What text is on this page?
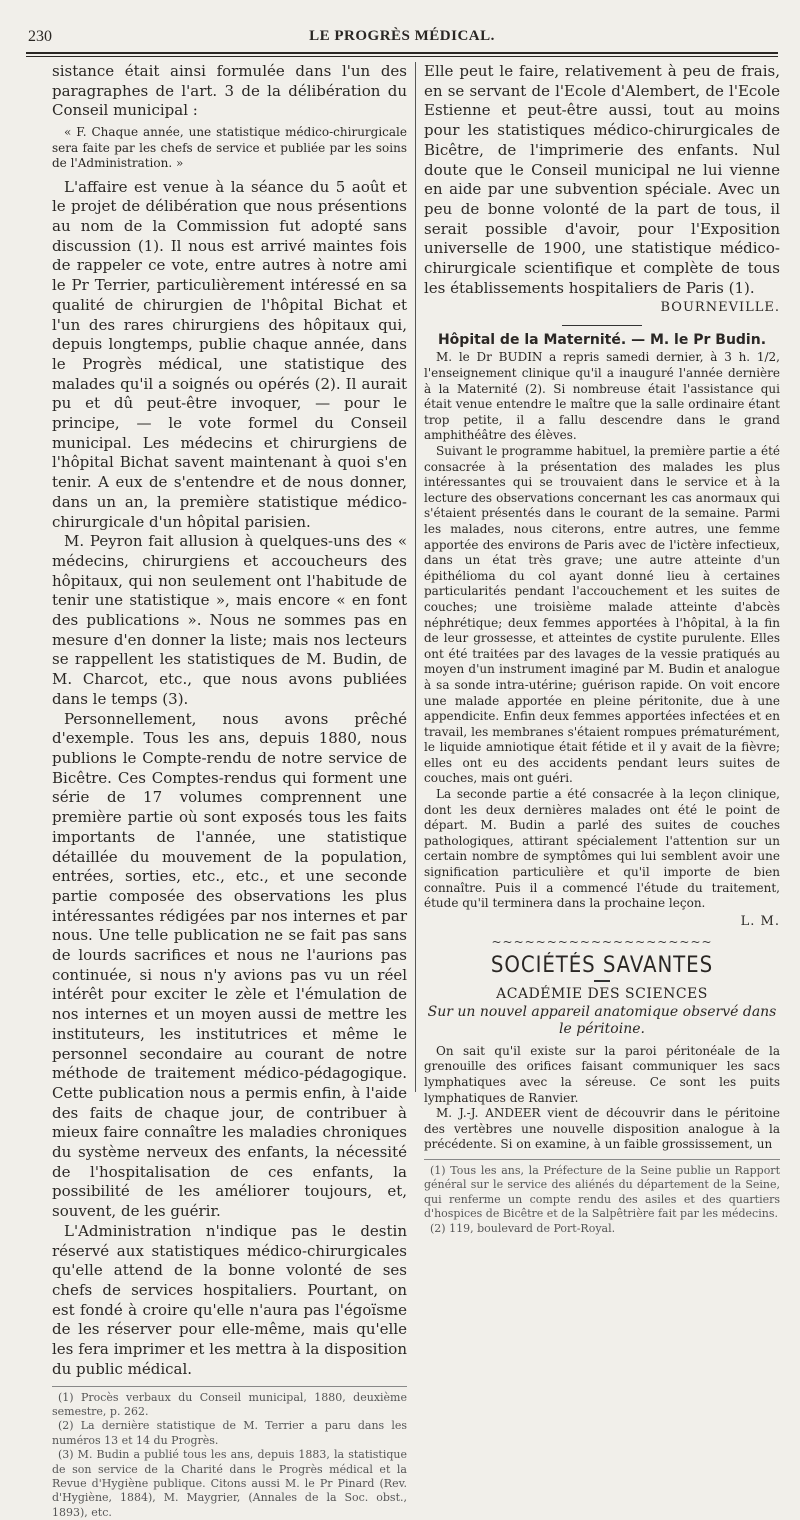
230	LE PROGRÈS MÉDICAL.

sistance était ainsi formulée dans l'un des paragraphes de l'art. 3 de la délibération du Conseil municipal :

« F. Chaque année, une statistique médico-chirurgicale sera faite par les chefs de service et publiée par les soins de l'Administration. »

L'affaire est venue à la séance du 5 août et le projet de délibération que nous présentions au nom de la Commission fut adopté sans discussion (1). Il nous est arrivé maintes fois de rappeler ce vote, entre autres à notre ami le Pr Terrier, particulièrement intéressé en sa qualité de chirurgien de l'hôpital Bichat et l'un des rares chirurgiens des hôpitaux qui, depuis longtemps, publie chaque année, dans le Progrès médical, une statistique des malades qu'il a soignés ou opérés (2). Il aurait pu et dû peut-être invoquer, — pour le principe, — le vote formel du Conseil municipal. Les médecins et chirurgiens de l'hôpital Bichat savent maintenant à quoi s'en tenir. A eux de s'entendre et de nous donner, dans un an, la première statistique médico-chirurgicale d'un hôpital parisien.

M. Peyron fait allusion à quelques-uns des « médecins, chirurgiens et accoucheurs des hôpitaux, qui non seulement ont l'habitude de tenir une statistique », mais encore « en font des publications ». Nous ne sommes pas en mesure d'en donner la liste; mais nos lecteurs se rappellent les statistiques de M. Budin, de M. Charcot, etc., que nous avons publiées dans le temps (3).

Personnellement, nous avons prêché d'exemple. Tous les ans, depuis 1880, nous publions le Compte-rendu de notre service de Bicêtre. Ces Comptes-rendus qui forment une série de 17 volumes comprennent une première partie où sont exposés tous les faits importants de l'année, une statistique détaillée du mouvement de la population, entrées, sorties, etc., etc., et une seconde partie composée des observations les plus intéressantes rédigées par nos internes et par nous. Une telle publication ne se fait pas sans de lourds sacrifices et nous ne l'aurions pas continuée, si nous n'y avions pas vu un réel intérêt pour exciter le zèle et l'émulation de nos internes et un moyen aussi de mettre les instituteurs, les institutrices et même le personnel secondaire au courant de notre méthode de traitement médico-pédagogique. Cette publication nous a permis enfin, à l'aide des faits de chaque jour, de contribuer à mieux faire connaître les maladies chroniques du système nerveux des enfants, la nécessité de l'hospitalisation de ces enfants, la possibilité de les améliorer toujours, et, souvent, de les guérir.

L'Administration n'indique pas le destin réservé aux statistiques médico-chirurgicales qu'elle attend de la bonne volonté de ses chefs de services hospitaliers. Pourtant, on est fondé à croire qu'elle n'aura pas l'égoïsme de les réserver pour elle-même, mais qu'elle les fera imprimer et les mettra à la disposition du public médical.

(1) Procès verbaux du Conseil municipal, 1880, deuxième semestre, p. 262.

(2) La dernière statistique de M. Terrier a paru dans les numéros 13 et 14 du Progrès.

(3) M. Budin a publié tous les ans, depuis 1883, la statistique de son service de la Charité dans le Progrès médical et la Revue d'Hygiène publique. Citons aussi M. le Pr Pinard (Rev. d'Hygiène, 1884), M. Maygrier, (Annales de la Soc. obst., 1893), etc.

Elle peut le faire, relativement à peu de frais, en se servant de l'Ecole d'Alembert, de l'Ecole Estienne et peut-être aussi, tout au moins pour les statistiques médico-chirurgicales de Bicêtre, de l'imprimerie des enfants. Nul doute que le Conseil municipal ne lui vienne en aide par une subvention spéciale. Avec un peu de bonne volonté de la part de tous, il serait possible d'avoir, pour l'Exposition universelle de 1900, une statistique médico-chirurgicale scientifique et complète de tous les établissements hospitaliers de Paris (1).

BOURNEVILLE.
Hôpital de la Maternité. — M. le Pr Budin.

M. le Dr BUDIN a repris samedi dernier, à 3 h. 1/2, l'enseignement clinique qu'il a inauguré l'année dernière à la Maternité (2). Si nombreuse était l'assistance qui était venue entendre le maître que la salle ordinaire étant trop petite, il a fallu descendre dans le grand amphithéâtre des élèves.

Suivant le programme habituel, la première partie a été consacrée à la présentation des malades les plus intéressantes qui se trouvaient dans le service et à la lecture des observations concernant les cas anormaux qui s'étaient présentés dans le courant de la semaine. Parmi les malades, nous citerons, entre autres, une femme apportée des environs de Paris avec de l'ictère infectieux, dans un état très grave; une autre atteinte d'un épithélioma du col ayant donné lieu à certaines particularités pendant l'accouchement et les suites de couches; une troisième malade atteinte d'abcès néphrétique; deux femmes apportées à l'hôpital, à la fin de leur grossesse, et atteintes de cystite purulente. Elles ont été traitées par des lavages de la vessie pratiqués au moyen d'un instrument imaginé par M. Budin et analogue à sa sonde intra-utérine; guérison rapide. On voit encore une malade apportée en pleine péritonite, due à une appendicite. Enfin deux femmes apportées infectées et en travail, les membranes s'étaient rompues prématurément, le liquide amniotique était fétide et il y avait de la fièvre; elles ont eu des accidents pendant leurs suites de couches, mais ont guéri.

La seconde partie a été consacrée à la leçon clinique, dont les deux dernières malades ont été le point de départ. M. Budin a parlé des suites de couches pathologiques, attirant spécialement l'attention sur un certain nombre de symptômes qui lui semblent avoir une signification particulière et qu'il importe de bien connaître. Puis il a commencé l'étude du traitement, étude qu'il terminera dans la prochaine leçon.

L. M.
~~~~~~~~~~~~~~~~~~~~
SOCIÉTÉS SAVANTES
ACADÉMIE DES SCIENCES
Sur un nouvel appareil anatomique observé dans le péritoine.

On sait qu'il existe sur la paroi péritonéale de la grenouille des orifices faisant communiquer les sacs lymphatiques avec la séreuse. Ce sont les puits lymphatiques de Ranvier.

M. J.-J. ANDEER vient de découvrir dans le péritoine des vertèbres une nouvelle disposition analogue à la précédente. Si on examine, à un faible grossissement, un

(1) Tous les ans, la Préfecture de la Seine publie un Rapport général sur le service des aliénés du département de la Seine, qui renferme un compte rendu des asiles et des quartiers d'hospices de Bicêtre et de la Salpêtrière fait par les médecins.

(2) 119, boulevard de Port-Royal.
